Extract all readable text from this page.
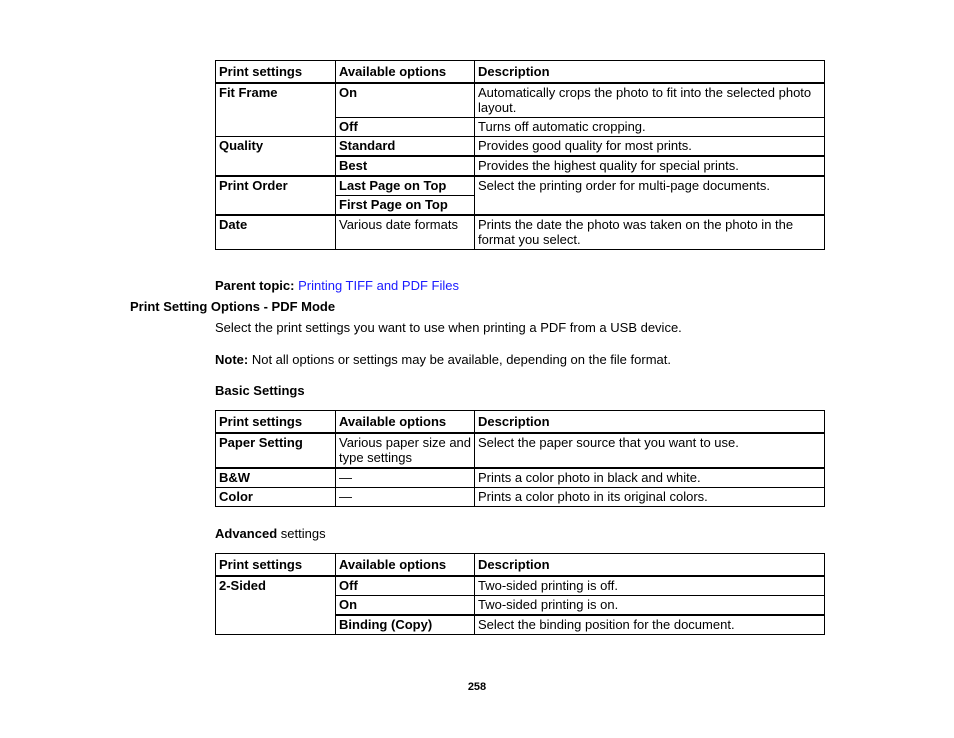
Print settings	Available options	Description
Fit Frame	On	Automatically crops the photo to fit into the selected photo layout.
	Off	Turns off automatic cropping.
Quality	Standard	Provides good quality for most prints.
	Best	Provides the highest quality for special prints.
Print Order	Last Page on Top	Select the printing order for multi-page documents.
	First Page on Top	
Date	Various date formats	Prints the date the photo was taken on the photo in the format you select.
Parent topic: Printing TIFF and PDF Files
Print Setting Options - PDF Mode
Select the print settings you want to use when printing a PDF from a USB device.
Note: Not all options or settings may be available, depending on the file format.
Basic Settings
Print settings	Available options	Description
Paper Setting	Various paper size and type settings	Select the paper source that you want to use.
B&W	—	Prints a color photo in black and white.
Color	—	Prints a color photo in its original colors.
Advanced settings
Print settings	Available options	Description
2-Sided	Off	Two-sided printing is off.
	On	Two-sided printing is on.
	Binding (Copy)	Select the binding position for the document.
258
